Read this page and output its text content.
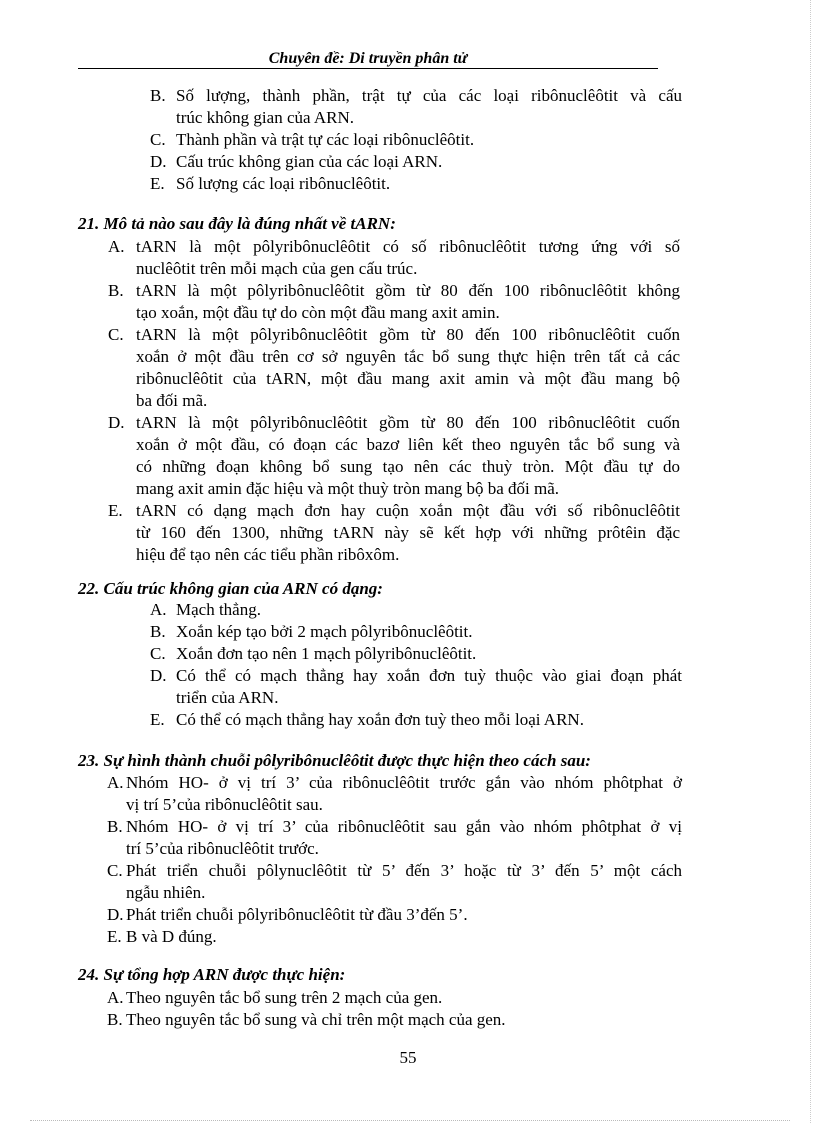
Chuyên đề: Di truyền phân tử
B. Số lượng, thành phần, trật tự của các loại ribônuclêôtit và cấu
trúc không gian của ARN.
C. Thành phần và trật tự các loại ribônuclêôtit.
D. Cấu trúc không gian của các loại ARN.
E. Số lượng các loại ribônuclêôtit.
21. Mô tả nào sau đây là đúng nhất về tARN:
A. tARN là một pôlyribônuclêôtit có số ribônuclêôtit tương ứng với số
nuclêôtit trên mỗi mạch của gen cấu trúc.
B. tARN là một pôlyribônuclêôtit gồm từ 80 đến 100 ribônuclêôtit không
tạo xoắn, một đầu tự do còn một đầu mang axit amin.
C. tARN là một pôlyribônuclêôtit gồm từ 80 đến 100 ribônuclêôtit cuốn
xoắn ở một đầu trên cơ sở nguyên tắc bổ sung thực hiện trên tất cả các
ribônuclêôtit của tARN, một đầu mang axit amin và một đầu mang bộ
ba đối mã.
D. tARN là một pôlyribônuclêôtit gồm từ 80 đến 100 ribônuclêôtit cuốn
xoắn ở một đầu, có đoạn các bazơ liên kết theo nguyên tắc bổ sung và
có những đoạn không bổ sung tạo nên các thuỳ tròn. Một đầu tự do
mang axit amin đặc hiệu và một thuỳ tròn mang bộ ba đối mã.
E. tARN có dạng mạch đơn hay cuộn xoắn một đầu với số ribônuclêôtit
từ 160 đến 1300, những tARN này sẽ kết hợp với những prôtêin đặc
hiệu để tạo nên các tiểu phần ribôxôm.
22. Cấu trúc không gian của ARN có dạng:
A. Mạch thẳng.
B. Xoắn kép tạo bởi 2 mạch pôlyribônuclêôtit.
C. Xoắn đơn tạo nên 1 mạch pôlyribônuclêôtit.
D. Có thể có mạch thẳng hay xoắn đơn tuỳ thuộc vào giai đoạn phát
triển của ARN.
E. Có thể có mạch thẳng hay xoắn đơn tuỳ theo mỗi loại ARN.
23. Sự hình thành chuỗi pôlyribônuclêôtit được thực hiện theo cách sau:
A. Nhóm HO- ở vị trí 3’ của ribônuclêôtit trước gắn vào nhóm phôtphat ở
vị trí 5’của ribônuclêôtit sau.
B. Nhóm HO- ở vị trí 3’ của ribônuclêôtit sau gắn vào nhóm phôtphat ở vị
trí 5’của ribônuclêôtit trước.
C. Phát triển chuỗi pôlynuclêôtit từ 5’ đến 3’ hoặc từ 3’ đến 5’ một cách
ngẫu nhiên.
D. Phát triển chuỗi pôlyribônuclêôtit từ đầu 3’đến 5’.
E. B và D đúng.
24. Sự tổng hợp ARN được thực hiện:
A. Theo nguyên tắc bổ sung trên 2 mạch của gen.
B. Theo nguyên tắc bổ sung và chỉ trên một mạch của gen.
55
